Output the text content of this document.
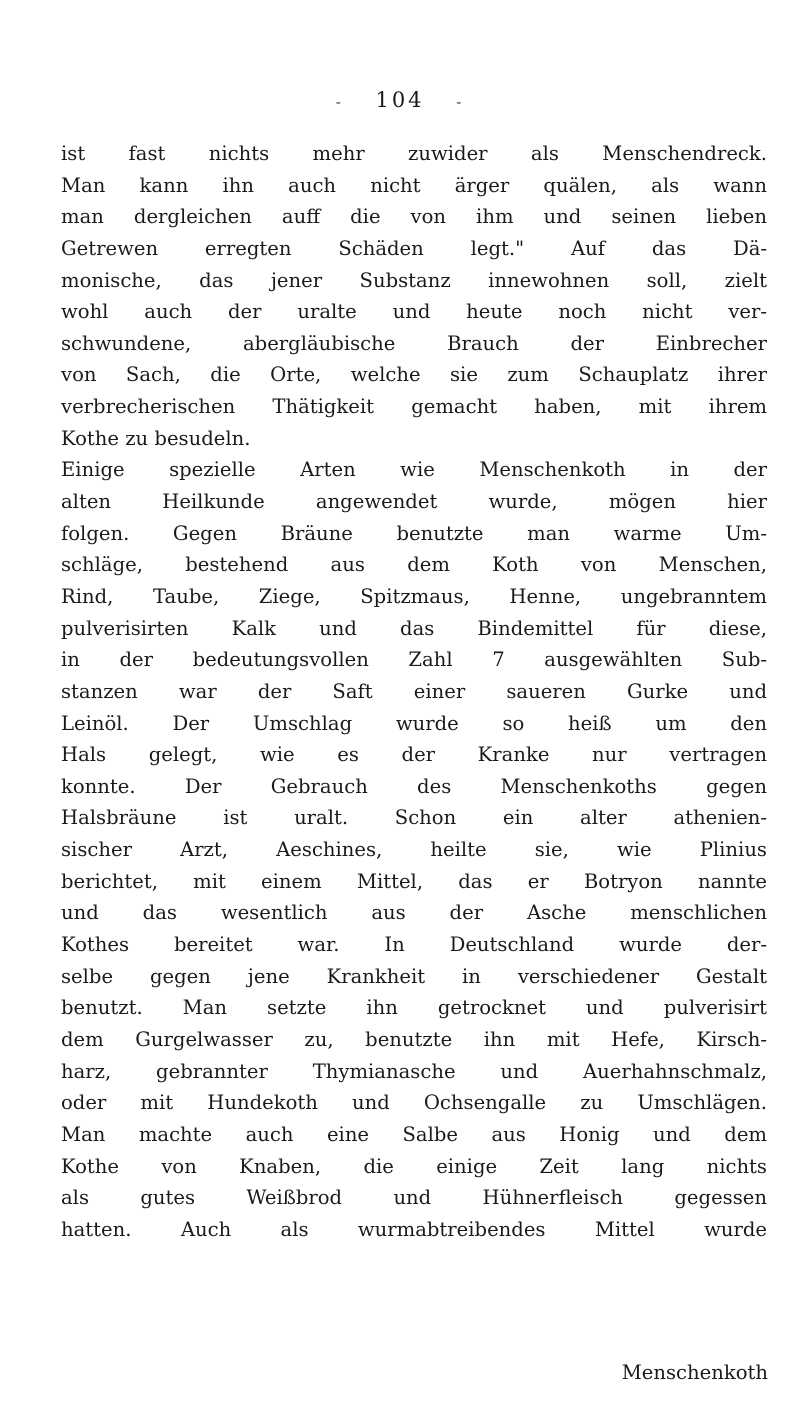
- 104 -
ist fast nichts mehr zuwider als Menschendreck.
Man kann ihn auch nicht ärger quälen, als wann
man dergleichen auff die von ihm und seinen lieben
Getrewen erregten Schäden legt." Auf das Dä-
monische, das jener Substanz innewohnen soll, zielt
wohl auch der uralte und heute noch nicht ver-
schwundene, abergläubische Brauch der Einbrecher
von Sach, die Orte, welche sie zum Schauplatz ihrer
verbrecherischen Thätigkeit gemacht haben, mit ihrem
Kothe zu besudeln.
Einige spezielle Arten wie Menschenkoth in der
alten Heilkunde angewendet wurde, mögen hier
folgen. Gegen Bräune benutzte man warme Um-
schläge, bestehend aus dem Koth von Menschen,
Rind, Taube, Ziege, Spitzmaus, Henne, ungebranntem
pulverisirten Kalk und das Bindemittel für diese,
in der bedeutungsvollen Zahl 7 ausgewählten Sub-
stanzen war der Saft einer saueren Gurke und
Leinöl. Der Umschlag wurde so heiß um den
Hals gelegt, wie es der Kranke nur vertragen
konnte. Der Gebrauch des Menschenkoths gegen
Halsbräune ist uralt. Schon ein alter athenien-
sischer Arzt, Aeschines, heilte sie, wie Plinius
berichtet, mit einem Mittel, das er Botryon nannte
und das wesentlich aus der Asche menschlichen
Kothes bereitet war. In Deutschland wurde der-
selbe gegen jene Krankheit in verschiedener Gestalt
benutzt. Man setzte ihn getrocknet und pulverisirt
dem Gurgelwasser zu, benutzte ihn mit Hefe, Kirsch-
harz, gebrannter Thymianasche und Auerhahnschmalz,
oder mit Hundekoth und Ochsengalle zu Umschlägen.
Man machte auch eine Salbe aus Honig und dem
Kothe von Knaben, die einige Zeit lang nichts
als gutes Weißbrod und Hühnerfleisch gegessen
hatten. Auch als wurmabtreibendes Mittel wurde
Menschenkoth
